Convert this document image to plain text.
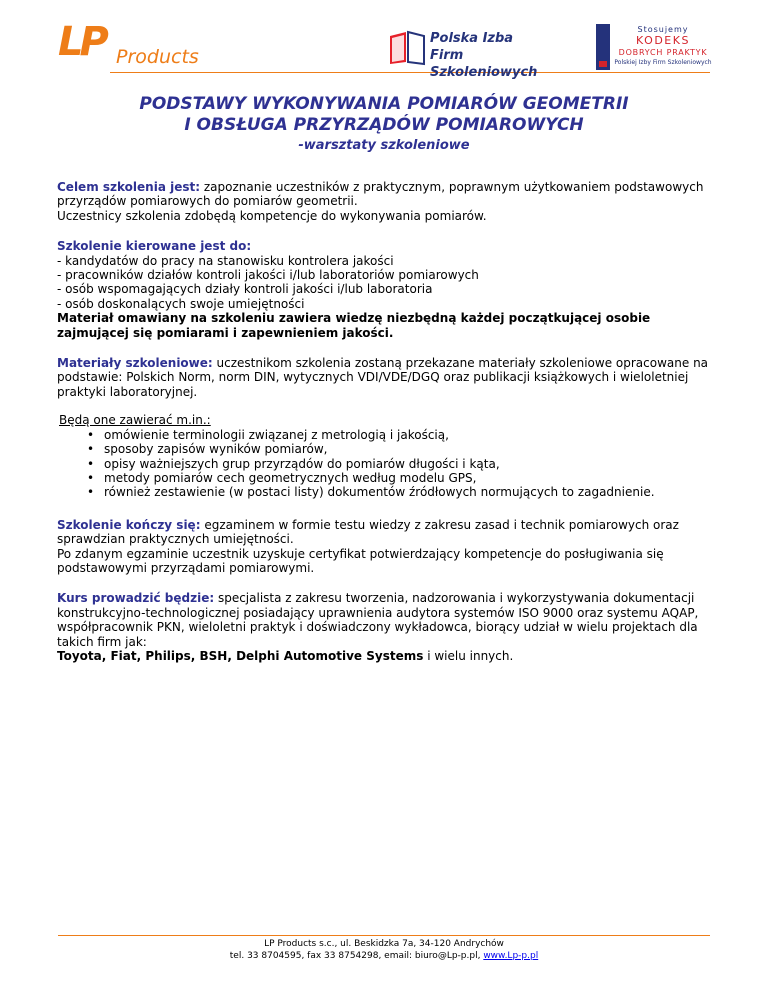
LP Products
Polska Izba
Firm Szkoleniowych
Stosujemy
KODEKS
DOBRYCH PRAKTYK
Polskiej Izby Firm Szkoleniowych
PODSTAWY WYKONYWANIA POMIARÓW GEOMETRII
I OBSŁUGA PRZYRZĄDÓW POMIAROWYCH
-warsztaty szkoleniowe

Celem szkolenia jest: zapoznanie uczestników z praktycznym, poprawnym użytkowaniem podstawowych przyrządów pomiarowych do pomiarów geometrii.

Uczestnicy szkolenia zdobędą kompetencje do wykonywania pomiarów.

Szkolenie kierowane jest do:

- kandydatów do pracy na stanowisku kontrolera jakości

- pracowników działów kontroli jakości i/lub laboratoriów pomiarowych

- osób wspomagających działy kontroli jakości i/lub laboratoria

- osób doskonalących swoje umiejętności

Materiał omawiany na szkoleniu zawiera wiedzę niezbędną każdej początkującej osobie zajmującej się pomiarami i zapewnieniem jakości.

Materiały szkoleniowe: uczestnikom szkolenia zostaną przekazane materiały szkoleniowe opracowane na podstawie: Polskich Norm, norm DIN, wytycznych VDI/VDE/DGQ oraz publikacji książkowych i wieloletniej praktyki laboratoryjnej.

Będą one zawierać m.in.:

• omówienie terminologii związanej z metrologią i jakością,
• sposoby zapisów wyników pomiarów,
• opisy ważniejszych grup przyrządów do pomiarów długości i kąta,
• metody pomiarów cech geometrycznych według modelu GPS,
• również zestawienie (w postaci listy) dokumentów źródłowych normujących to zagadnienie.

Szkolenie kończy się: egzaminem w formie testu wiedzy z zakresu zasad i technik pomiarowych oraz sprawdzian praktycznych umiejętności.

Po zdanym egzaminie uczestnik uzyskuje certyfikat potwierdzający kompetencje do posługiwania się podstawowymi przyrządami pomiarowymi.

Kurs prowadzić będzie: specjalista z zakresu tworzenia, nadzorowania i wykorzystywania dokumentacji konstrukcyjno-technologicznej posiadający uprawnienia audytora systemów ISO 9000 oraz systemu AQAP, współpracownik PKN, wieloletni praktyk i doświadczony wykładowca, biorący udział w wielu projektach dla takich firm jak:

Toyota, Fiat, Philips, BSH, Delphi Automotive Systems i wielu innych.

LP Products s.c., ul. Beskidzka 7a, 34-120 Andrychów
tel. 33 8704595, fax 33 8754298, email: biuro@Lp-p.pl, www.Lp-p.pl
